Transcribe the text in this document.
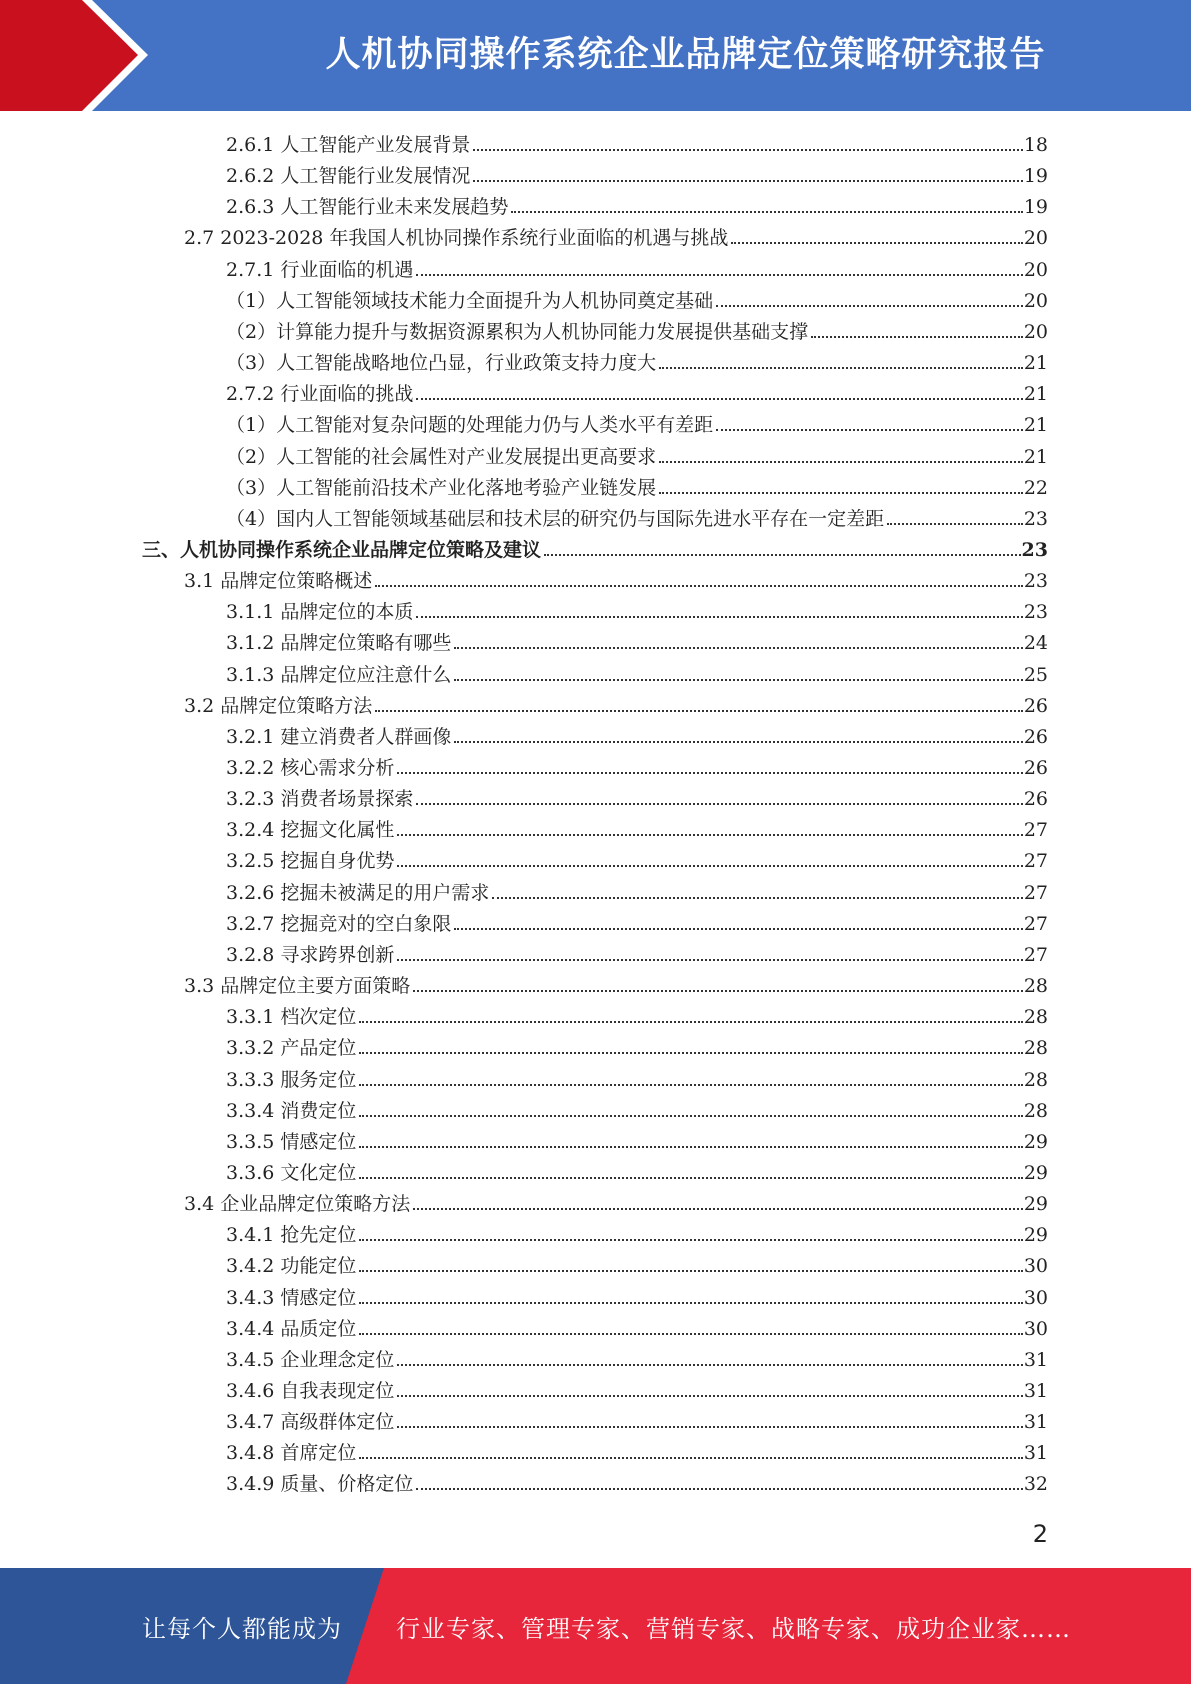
人机协同操作系统企业品牌定位策略研究报告
2.6.1 人工智能产业发展背景	18
2.6.2 人工智能行业发展情况	19
2.6.3 人工智能行业未来发展趋势	19
2.7 2023-2028 年我国人机协同操作系统行业面临的机遇与挑战	20
2.7.1 行业面临的机遇	20
（1）人工智能领域技术能力全面提升为人机协同奠定基础	20
（2）计算能力提升与数据资源累积为人机协同能力发展提供基础支撑	20
（3）人工智能战略地位凸显，行业政策支持力度大	21
2.7.2 行业面临的挑战	21
（1）人工智能对复杂问题的处理能力仍与人类水平有差距	21
（2）人工智能的社会属性对产业发展提出更高要求	21
（3）人工智能前沿技术产业化落地考验产业链发展	22
（4）国内人工智能领域基础层和技术层的研究仍与国际先进水平存在一定差距	23
三、人机协同操作系统企业品牌定位策略及建议	23
3.1 品牌定位策略概述	23
3.1.1 品牌定位的本质	23
3.1.2 品牌定位策略有哪些	24
3.1.3 品牌定位应注意什么	25
3.2 品牌定位策略方法	26
3.2.1 建立消费者人群画像	26
3.2.2 核心需求分析	26
3.2.3 消费者场景探索	26
3.2.4 挖掘文化属性	27
3.2.5 挖掘自身优势	27
3.2.6 挖掘未被满足的用户需求	27
3.2.7 挖掘竞对的空白象限	27
3.2.8 寻求跨界创新	27
3.3 品牌定位主要方面策略	28
3.3.1 档次定位	28
3.3.2 产品定位	28
3.3.3 服务定位	28
3.3.4 消费定位	28
3.3.5 情感定位	29
3.3.6 文化定位	29
3.4 企业品牌定位策略方法	29
3.4.1 抢先定位	29
3.4.2 功能定位	30
3.4.3 情感定位	30
3.4.4 品质定位	30
3.4.5 企业理念定位	31
3.4.6 自我表现定位	31
3.4.7 高级群体定位	31
3.4.8 首席定位	31
3.4.9 质量、价格定位	32
2
让每个人都能成为 行业专家、管理专家、营销专家、战略专家、成功企业家……
